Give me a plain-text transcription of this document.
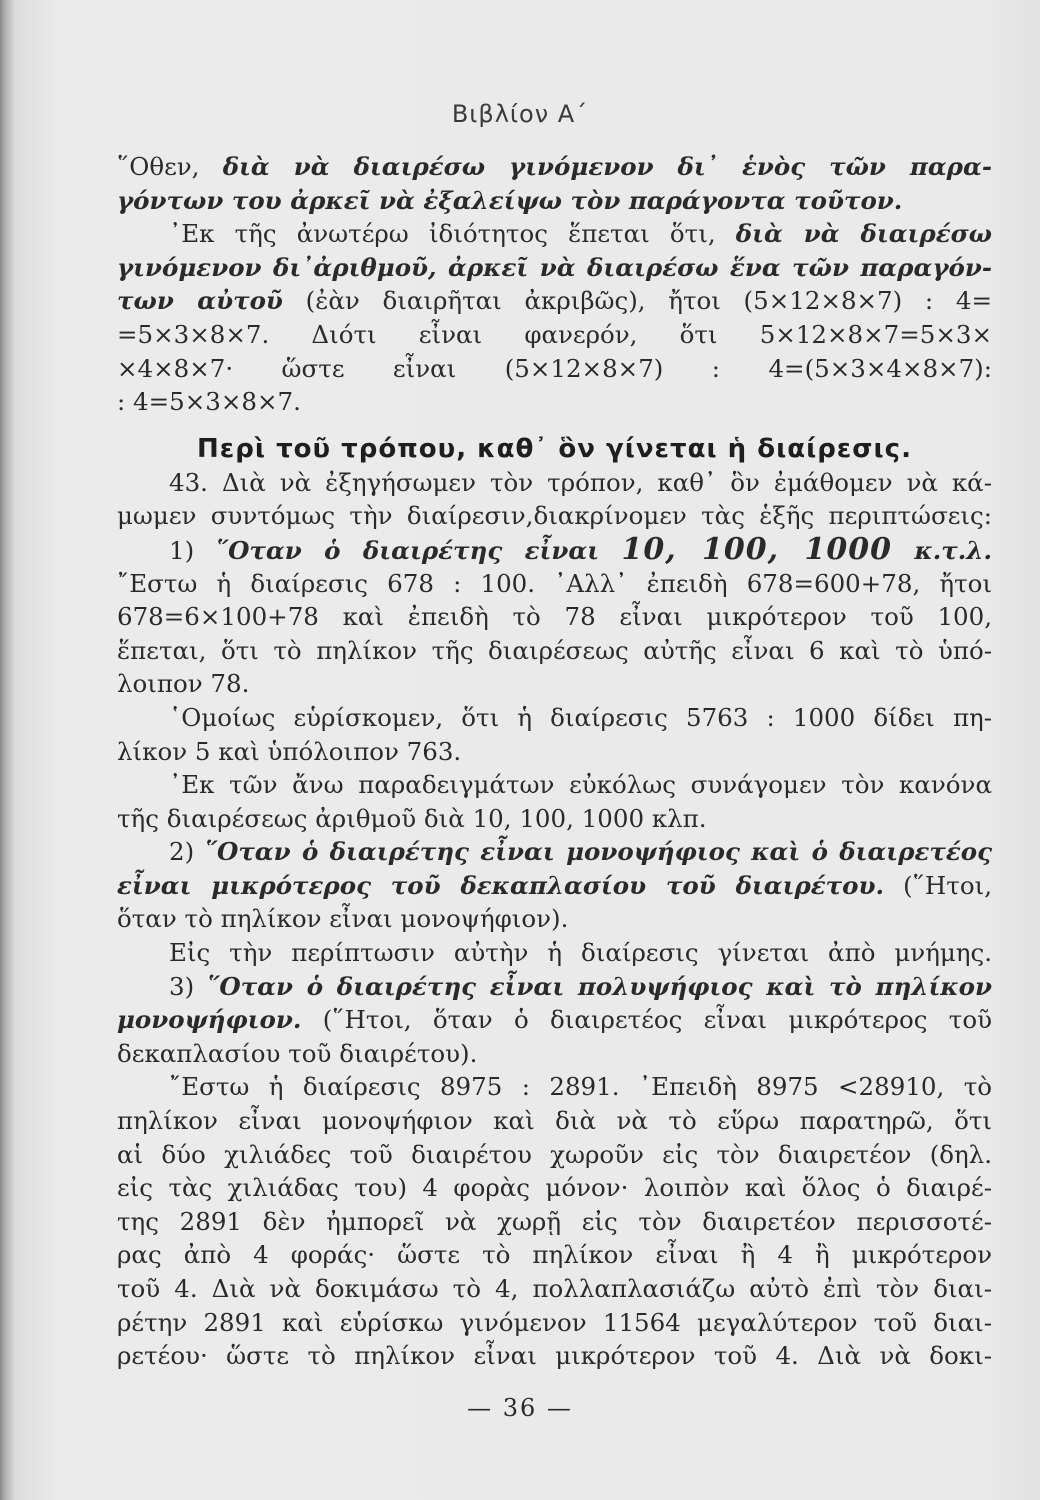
Βιβλίον Α΄
῞Οθεν, διὰ νὰ διαιρέσω γινόμενον δι᾽ ἑνὸς τῶν παρα-
γόντων του ἀρκεῖ νὰ ἐξαλείψω τὸν παράγοντα τοῦτον.
᾽Εκ τῆς ἀνωτέρω ἰδιότητος ἕπεται ὅτι, διὰ νὰ διαιρέσω
γινόμενον δι᾽ἀριθμοῦ, ἀρκεῖ νὰ διαιρέσω ἕνα τῶν παραγόν-
των αὐτοῦ (ἐὰν διαιρῆται ἀκριβῶς), ἤτοι (5×12×8×7) : 4=
=5×3×8×7. Διότι εἶναι φανερόν, ὅτι 5×12×8×7=5×3×
×4×8×7· ὥστε εἶναι (5×12×8×7) : 4=(5×3×4×8×7):
: 4=5×3×8×7.
Περὶ τοῦ τρόπου, καθ᾽ ὃν γίνεται ἡ διαίρεσις.
43. Διὰ νὰ ἐξηγήσωμεν τὸν τρόπον, καθ᾽ ὃν ἐμάθομεν νὰ κά-
μωμεν συντόμως τὴν διαίρεσιν,διακρίνομεν τὰς ἑξῆς περιπτώσεις:
1) ῞Οταν ὁ διαιρέτης εἶναι 10, 100, 1000 κ.τ.λ.
῎Εστω ἡ διαίρεσις 678 : 100. ᾽Αλλ᾽ ἐπειδὴ 678=600+78, ἤτοι
678=6×100+78 καὶ ἐπειδὴ τὸ 78 εἶναι μικρότερον τοῦ 100,
ἕπεται, ὅτι τὸ πηλίκον τῆς διαιρέσεως αὐτῆς εἶναι 6 καὶ τὸ ὑπό-
λοιπον 78.
῾Ομοίως εὑρίσκομεν, ὅτι ἡ διαίρεσις 5763 : 1000 δίδει πη-
λίκον 5 καὶ ὑπόλοιπον 763.
᾽Εκ τῶν ἄνω παραδειγμάτων εὐκόλως συνάγομεν τὸν κανόνα
τῆς διαιρέσεως ἀριθμοῦ διὰ 10, 100, 1000 κλπ.
2) ῞Οταν ὁ διαιρέτης εἶναι μονοψήφιος καὶ ὁ διαιρετέος
εἶναι μικρότερος τοῦ δεκαπλασίου τοῦ διαιρέτου. (῞Ητοι,
ὅταν τὸ πηλίκον εἶναι μονοψήφιον).
Εἰς τὴν περίπτωσιν αὐτὴν ἡ διαίρεσις γίνεται ἀπὸ μνήμης.
3) ῞Οταν ὁ διαιρέτης εἶναι πολυψήφιος καὶ τὸ πηλίκον
μονοψήφιον. (῞Ητοι, ὅταν ὁ διαιρετέος εἶναι μικρότερος τοῦ
δεκαπλασίου τοῦ διαιρέτου).
῎Εστω ἡ διαίρεσις 8975 : 2891. ᾽Επειδὴ 8975 <28910, τὸ
πηλίκον εἶναι μονοψήφιον καὶ διὰ νὰ τὸ εὕρω παρατηρῶ, ὅτι
αἱ δύο χιλιάδες τοῦ διαιρέτου χωροῦν εἰς τὸν διαιρετέον (δηλ.
εἰς τὰς χιλιάδας του) 4 φορὰς μόνον· λοιπὸν καὶ ὅλος ὁ διαιρέ-
της 2891 δὲν ἠμπορεῖ νὰ χωρῇ εἰς τὸν διαιρετέον περισσοτέ-
ρας ἀπὸ 4 φοράς· ὥστε τὸ πηλίκον εἶναι ἢ 4 ἢ μικρότερον
τοῦ 4. Διὰ νὰ δοκιμάσω τὸ 4, πολλαπλασιάζω αὐτὸ ἐπὶ τὸν διαι-
ρέτην 2891 καὶ εὑρίσκω γινόμενον 11564 μεγαλύτερον τοῦ διαι-
ρετέου· ὥστε τὸ πηλίκον εἶναι μικρότερον τοῦ 4. Διὰ νὰ δοκι-
— 36 —
